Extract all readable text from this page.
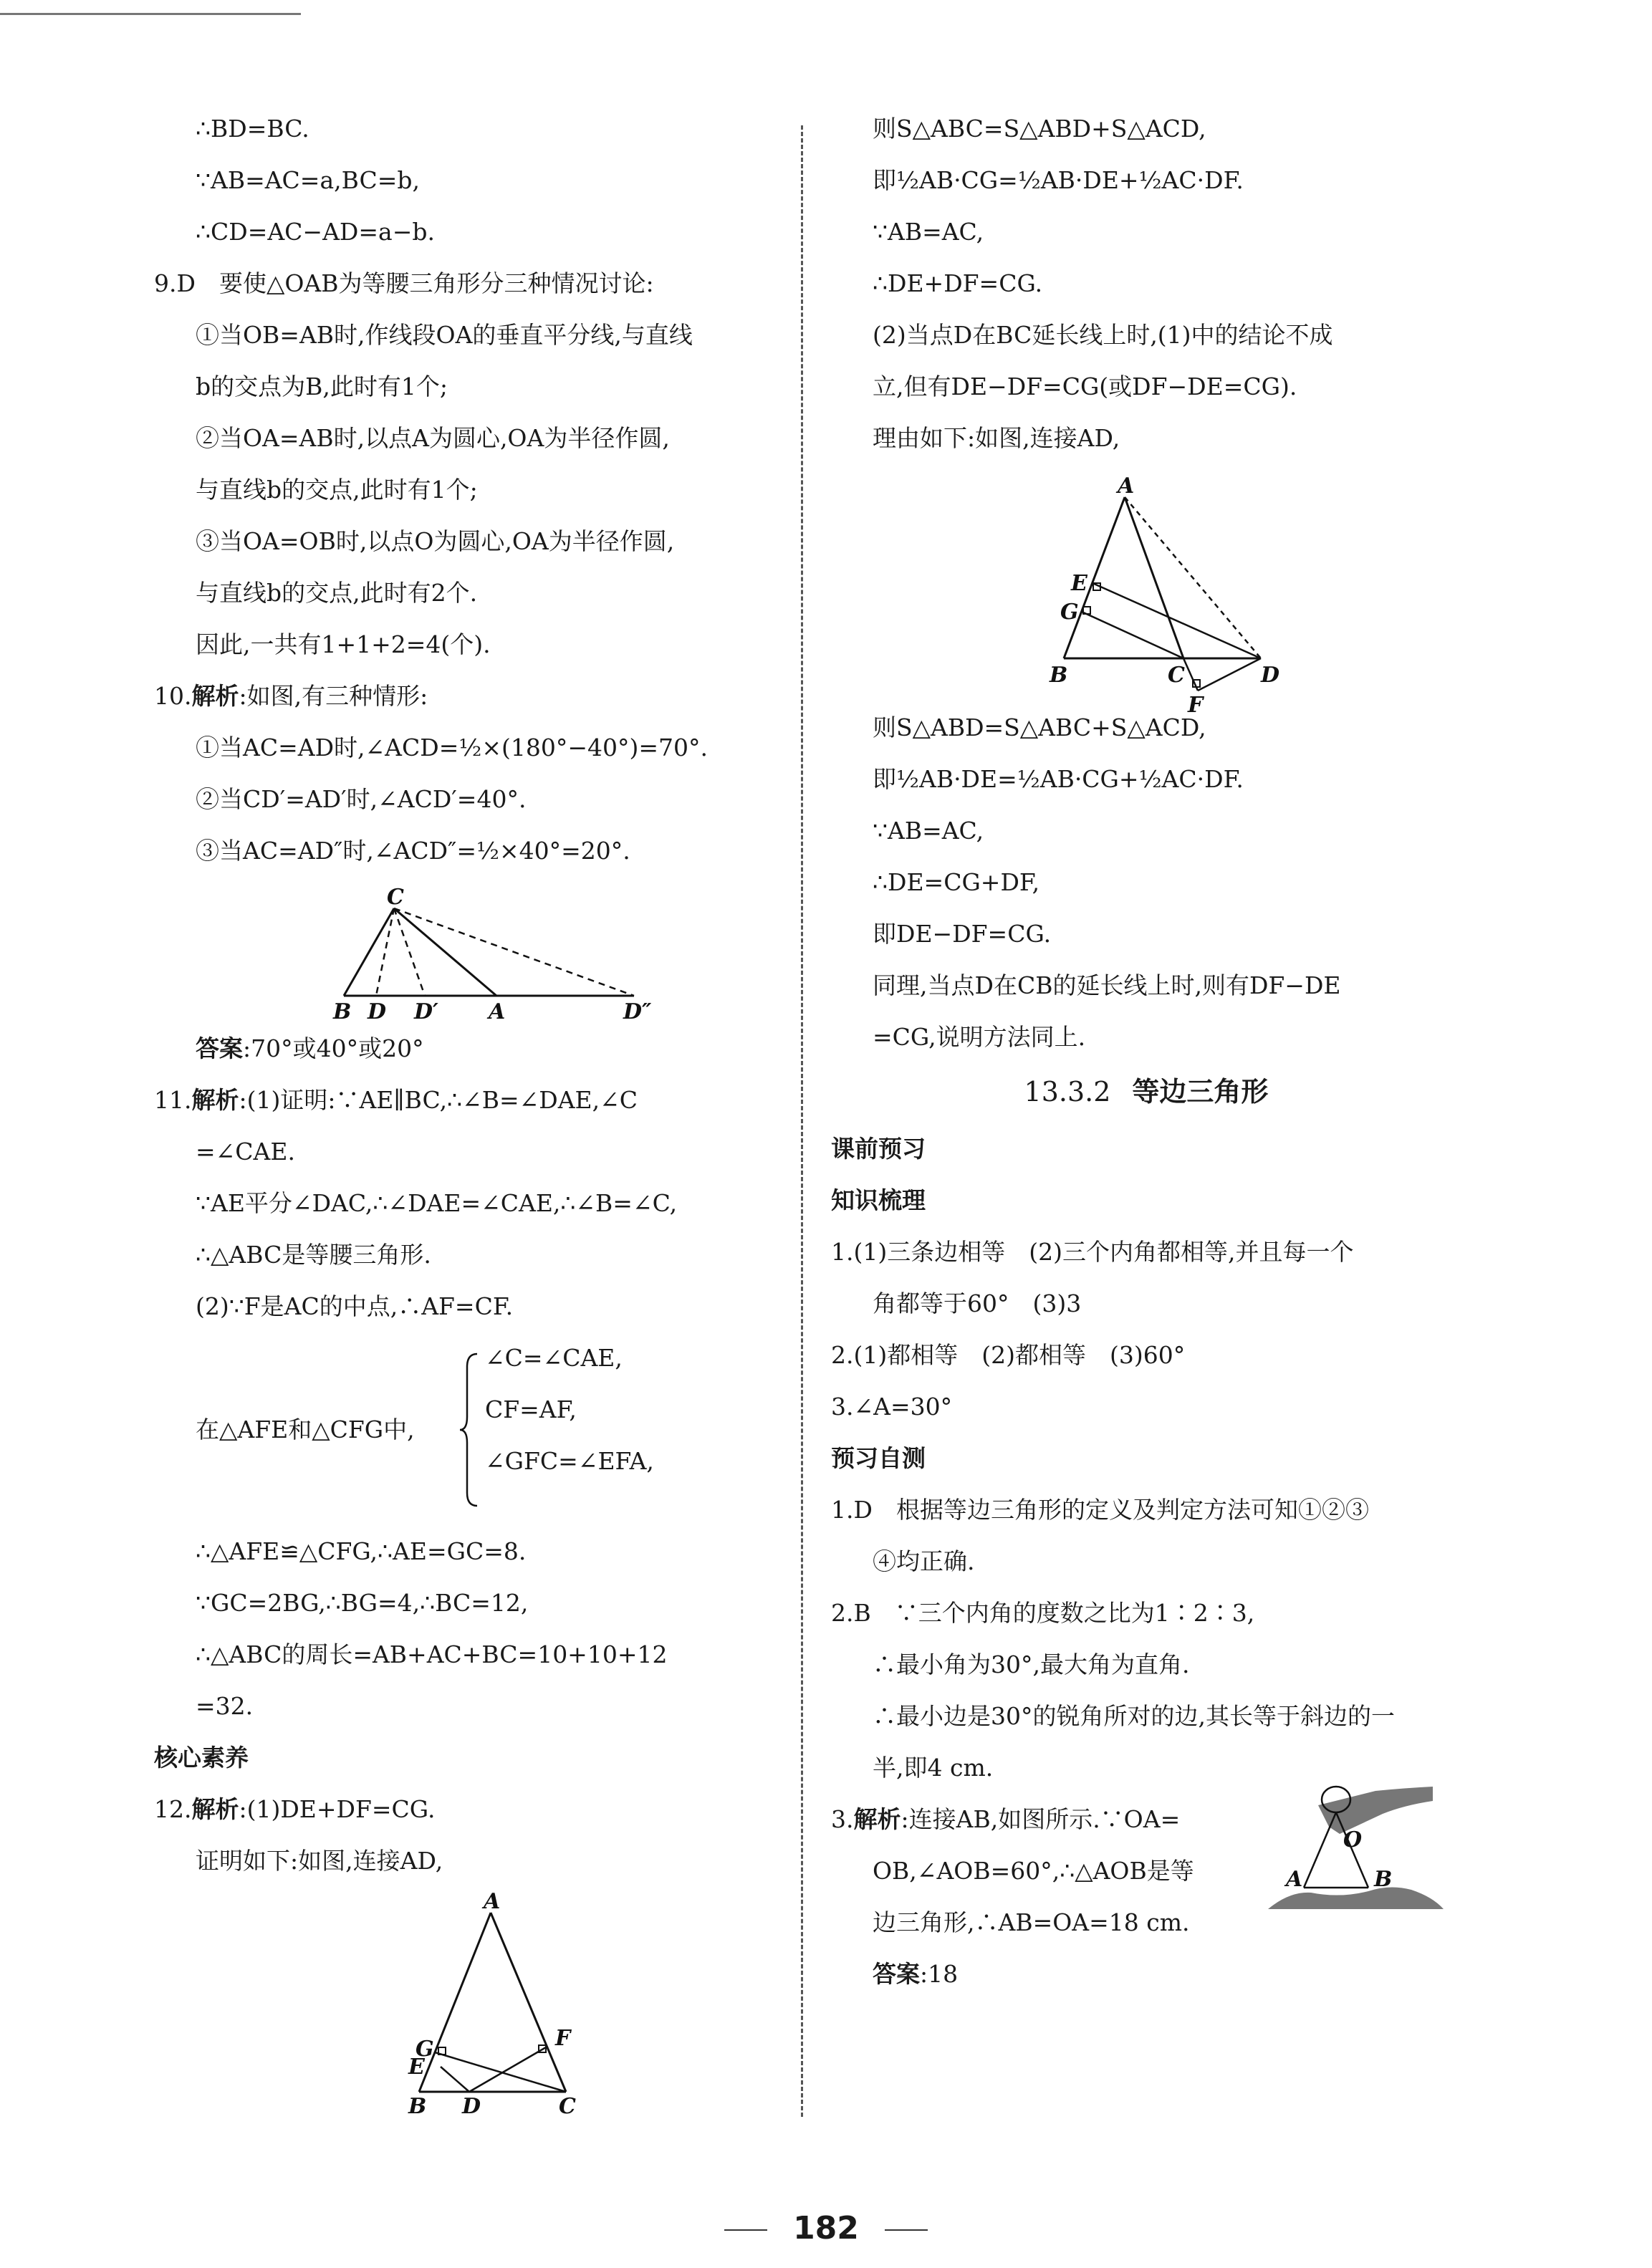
∴BD=BC.
∵AB=AC=a,BC=b,
∴CD=AC−AD=a−b.
9.D　要使△OAB为等腰三角形分三种情况讨论:
①当OB=AB时,作线段OA的垂直平分线,与直线
b的交点为B,此时有1个;
②当OA=AB时,以点A为圆心,OA为半径作圆,
与直线b的交点,此时有1个;
③当OA=OB时,以点O为圆心,OA为半径作圆,
与直线b的交点,此时有2个.
因此,一共有1+1+2=4(个).
10.解析:如图,有三种情形:
①当AC=AD时,∠ACD=½×(180°−40°)=70°.
②当CD′=AD′时,∠ACD′=40°.
③当AC=AD″时,∠ACD″=½×40°=20°.
C
B D D′ A	D″
答案:70°或40°或20°
11.解析:(1)证明:∵AE∥BC,∴∠B=∠DAE,∠C
=∠CAE.
∵AE平分∠DAC,∴∠DAE=∠CAE,∴∠B=∠C,
∴△ABC是等腰三角形.
(2)∵F是AC的中点,∴AF=CF.
在△AFE和△CFG中,
∠C=∠CAE,
CF=AF,
∠GFC=∠EFA,
∴△AFE≌△CFG,∴AE=GC=8.
∵GC=2BG,∴BG=4,∴BC=12,
∴△ABC的周长=AB+AC+BC=10+10+12
=32.
核心素养
12.解析:(1)DE+DF=CG.
证明如下:如图,连接AD,
A
G	F
E
B D	C
则S△ABC=S△ABD+S△ACD,
即½AB·CG=½AB·DE+½AC·DF.
∵AB=AC,
∴DE+DF=CG.
(2)当点D在BC延长线上时,(1)中的结论不成
立,但有DE−DF=CG(或DF−DE=CG).
理由如下:如图,连接AD,
A
E
G
B	C	D
F
则S△ABD=S△ABC+S△ACD,
即½AB·DE=½AB·CG+½AC·DF.
∵AB=AC,
∴DE=CG+DF,
即DE−DF=CG.
同理,当点D在CB的延长线上时,则有DF−DE
=CG,说明方法同上.
13.3.2 等边三角形
课前预习
知识梳理
1.(1)三条边相等　(2)三个内角都相等,并且每一个
角都等于60°　(3)3
2.(1)都相等　(2)都相等　(3)60°
3.∠A=30°
预习自测
1.D　根据等边三角形的定义及判定方法可知①②③
④均正确.
2.B　∵三个内角的度数之比为1∶2∶3,
∴最小角为30°,最大角为直角.
∴最小边是30°的锐角所对的边,其长等于斜边的一
半,即4 cm.
3.解析:连接AB,如图所示.∵OA=
OB,∠AOB=60°,∴△AOB是等
边三角形,∴AB=OA=18 cm.
O
A	B
答案:18
182
